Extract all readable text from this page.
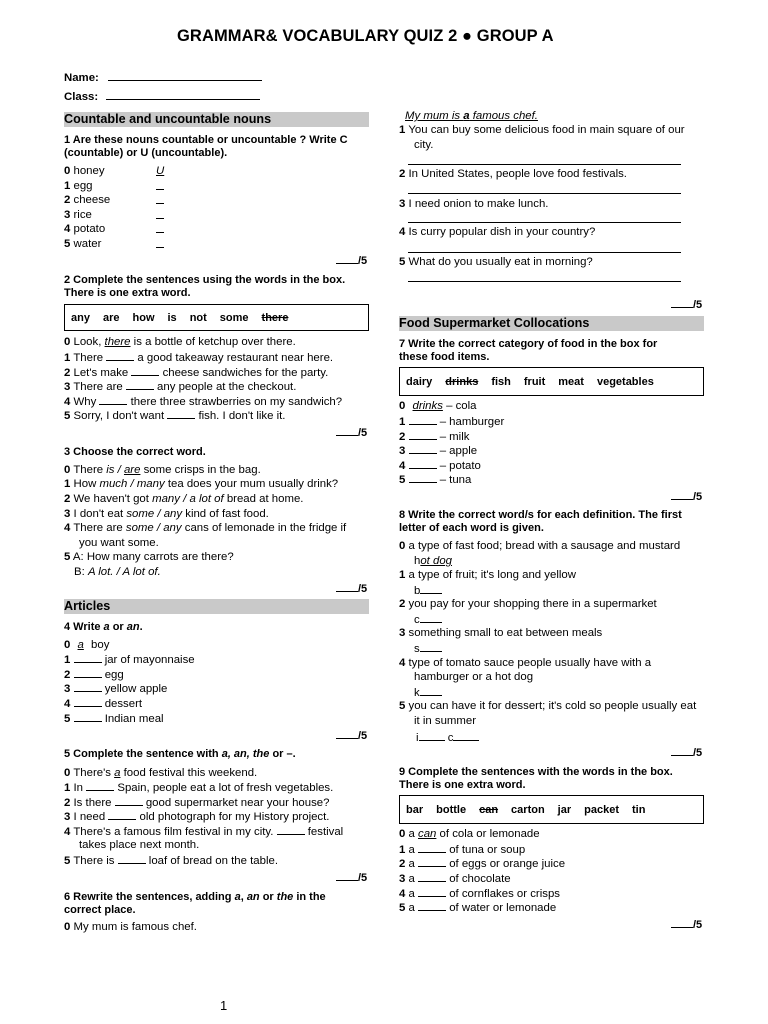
GRAMMAR& VOCABULARY QUIZ 2 ● GROUP A
Name:
Class:
Countable and uncountable nouns
1 Are these nouns countable or uncountable ? Write C
(countable) or U (uncountable).
0 honey	U
1 egg
2 cheese
3 rice
4 potato
5 water
/5
2 Complete the sentences using the words in the box.
There is one extra word.
any are how is not some there
0 Look, there is a bottle of ketchup over there.
1 There  a good takeaway restaurant near here.
2 Let's make  cheese sandwiches for the party.
3 There are  any people at the checkout.
4 Why  there three strawberries on my sandwich?
5 Sorry, I don't want  fish. I don't like it.
/5
3 Choose the correct word.
0 There is / are some crisps in the bag.
1 How much / many tea does your mum usually drink?
2 We haven't got many / a lot of bread at home.
3 I don't eat some / any kind of fast food.
4 There are some / any cans of lemonade in the fridge if
you want some.
5 A: How many carrots are there?
B: A lot. / A lot of.
/5
Articles
4 Write a or an.
0 a boy
1	jar of mayonnaise
2	egg
3	yellow apple
4	dessert
5	Indian meal
/5
5 Complete the sentence with a, an, the or –.
0 There's a food festival this weekend.
1 In  Spain, people eat a lot of fresh vegetables.
2 Is there  good supermarket near your house?
3 I need  old photograph for my History project.
4 There's a famous film festival in my city.  festival
takes place next month.
5 There is  loaf of bread on the table.
/5
6 Rewrite the sentences, adding a, an or the in the
correct place.
0 My mum is famous chef.
My mum is a famous chef.
1 You can buy some delicious food in main square of our
city.
2 In United States, people love food festivals.
3 I need onion to make lunch.
4 Is curry popular dish in your country?
5 What do you usually eat in morning?
/5
Food Supermarket Collocations
7 Write the correct category of food in the box for
these food items.
dairy drinks fish fruit meat vegetables
0 drinks – cola
1	– hamburger
2	– milk
3	– apple
4	– potato
5	– tuna
/5
8 Write the correct word/s for each definition. The first
letter of each word is given.
0 a type of fast food; bread with a sausage and mustard
hot dog
1 a type of fruit; it's long and yellow
b
2 you pay for your shopping there in a supermarket
c
3 something small to eat between meals
s
4 type of tomato sauce people usually have with a
hamburger or a hot dog
k
5 you can have it for dessert; it's cold so people usually eat
it in summer
i	c
/5
9 Complete the sentences with the words in the box.
There is one extra word.
bar bottle can carton jar packet tin
0 a can of cola or lemonade
1 a	of tuna or soup
2 a	of eggs or orange juice
3 a	of chocolate
4 a	of cornflakes or crisps
5 a	of water or lemonade
/5
1
